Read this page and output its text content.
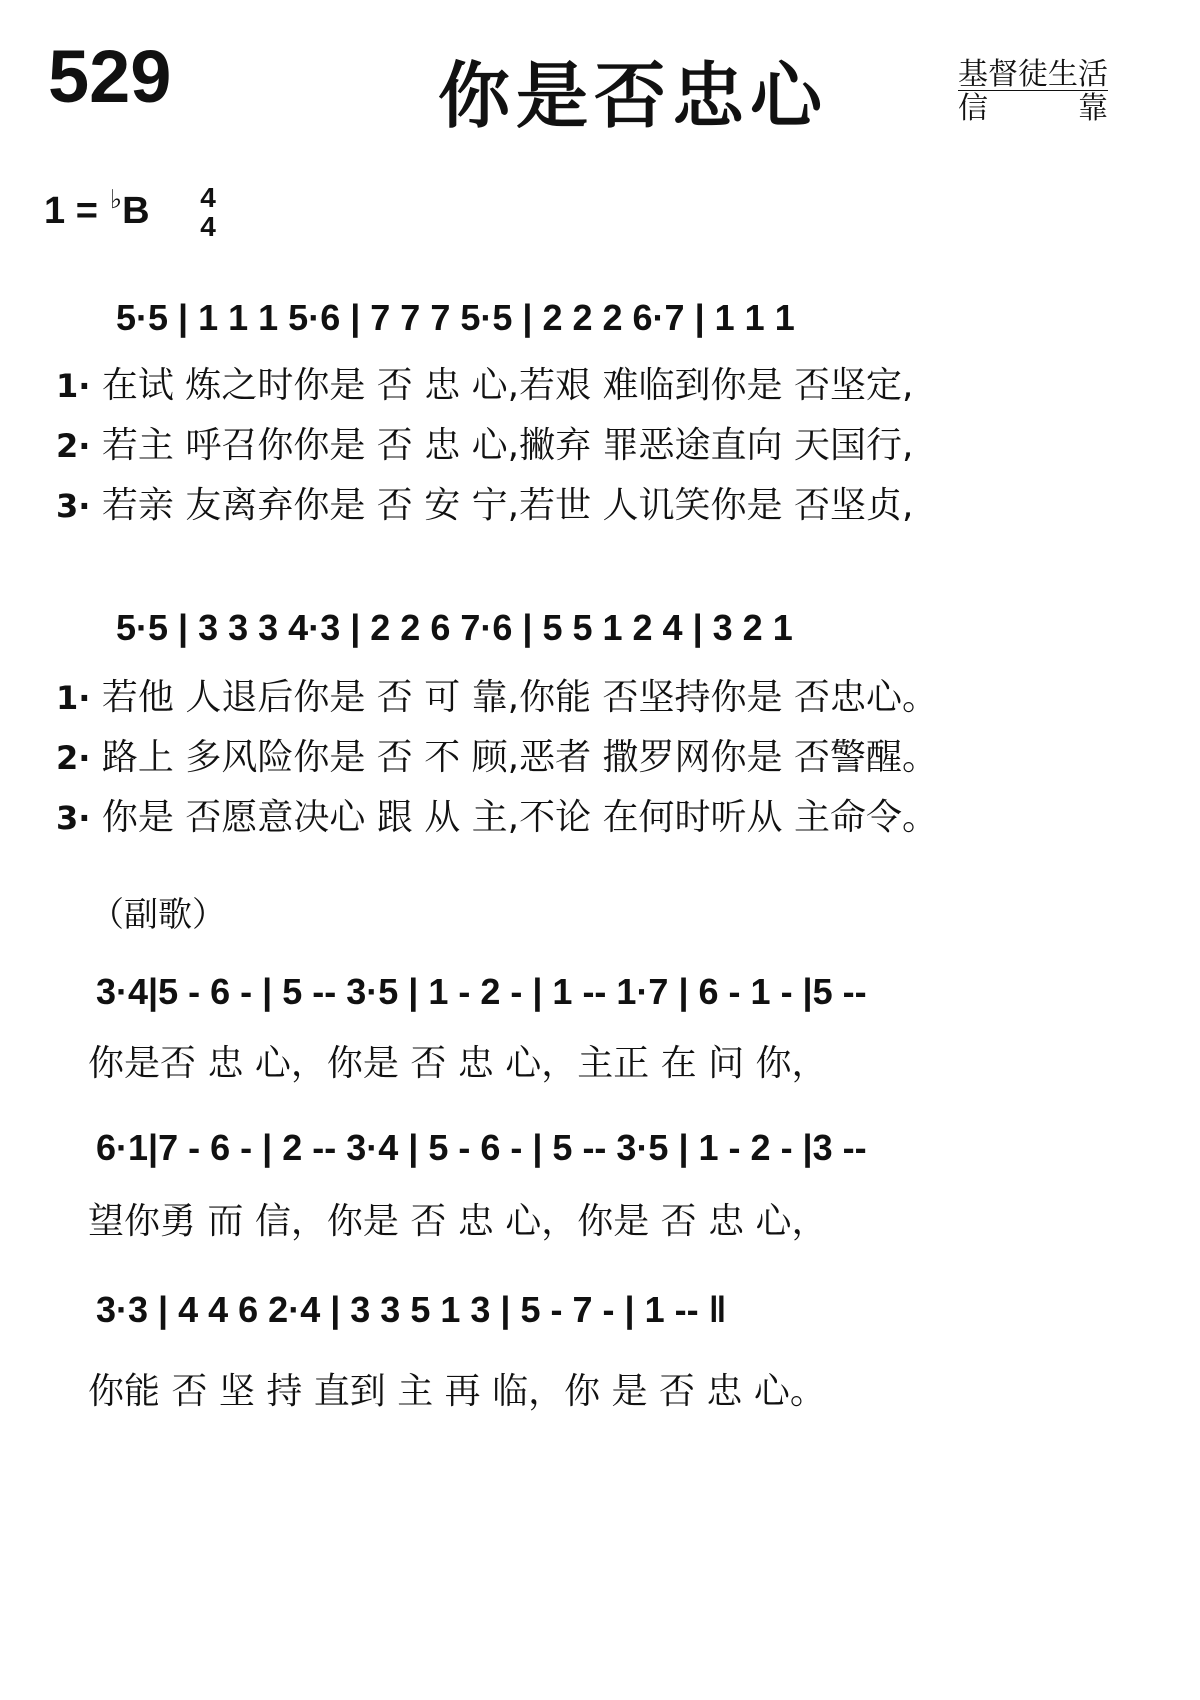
529	你是否忠心	基督徒生活
信	靠
1 = ♭ B 4
4
5·5 | 1 1 1 5·6 | 7 7 7 5·5 | 2 2 2 6·7 | 1 1 1
1· 在试 炼之时你是 否 忠 心,若艰 难临到你是 否坚定,
2· 若主 呼召你你是 否 忠 心,撇弃 罪恶途直向 天国行,
3· 若亲 友离弃你是 否 安 宁,若世 人讥笑你是 否坚贞,
5·5 | 3 3 3 4·3 | 2 2 6 7·6 | 5 5 1 2 4 | 3 2 1
1· 若他 人退后你是 否 可 靠,你能 否坚持你是 否忠心。
2· 路上 多风险你是 否 不 顾,恶者 撒罗网你是 否警醒。
3· 你是 否愿意决心 跟 从 主,不论 在何时听从 主命令。
（副歌）
3·4|5 - 6 - | 5 -- 3·5 | 1 - 2 - | 1 -- 1·7 | 6 - 1 - |5 --
你是否 忠 心，你是 否 忠 心，主正 在 问 你，
6·1|7 - 6 - | 2 -- 3·4 | 5 - 6 - | 5 -- 3·5 | 1 - 2 - |3 --
望你勇 而 信，你是 否 忠 心，你是 否 忠 心，
3·3 | 4 4 6 2·4 | 3 3 5 1 3 | 5 - 7 - | 1 -- ‖
你能 否 坚 持 直到 主 再 临，你 是 否 忠 心。
